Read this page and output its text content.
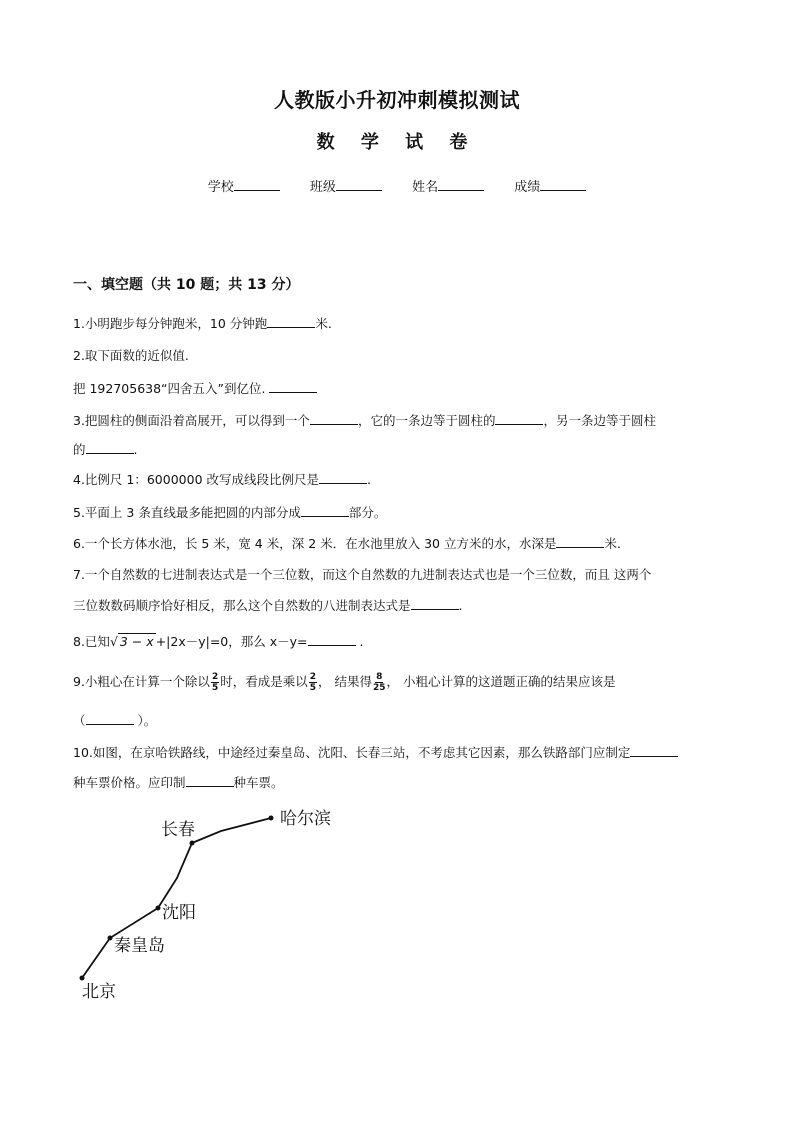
人教版小升初冲刺模拟测试
数 学 试 卷
学校	班级	姓名	成绩
一、填空题（共 10 题；共 13 分）
1.小明跑步每分钟跑米，10 分钟跑	米.
2.取下面数的近似值.
把 192705638“四舍五入”到亿位.
3.把圆柱的侧面沿着高展开，可以得到一个	，它的一条边等于圆柱的	，另一条边等于圆柱
的	.
4.比例尺 1：6000000 改写成线段比例尺是	.
5.平面上 3 条直线最多能把圆的内部分成	部分。
6.一个长方体水池，长 5 米，宽 4 米，深 2 米．在水池里放入 30 立方米的水，水深是	米.
7.一个自然数的七进制表达式是一个三位数，而这个自然数的九进制表达式也是一个三位数，而且 这两个
三位数数码顺序恰好相反，那么这个自然数的八进制表达式是	.
8.已知√ 3 − x +|2x－y|=0，那么 x－y=	.
9.小粗心在计算一个除以 $\frac{2}{5}$ 时，看成是乘以 $\frac{2}{5}$ ， 结果得 $\frac{8}{25}$ ， 小粗心计算的这道题正确的结果应该是
（	）。
10.如图，在京哈铁路线，中途经过秦皇岛、沈阳、长春三站，不考虑其它因素，那么铁路部门应制定
种车票价格。应印制	种车票。
北京
秦皇岛
沈阳
长春
哈尔滨
